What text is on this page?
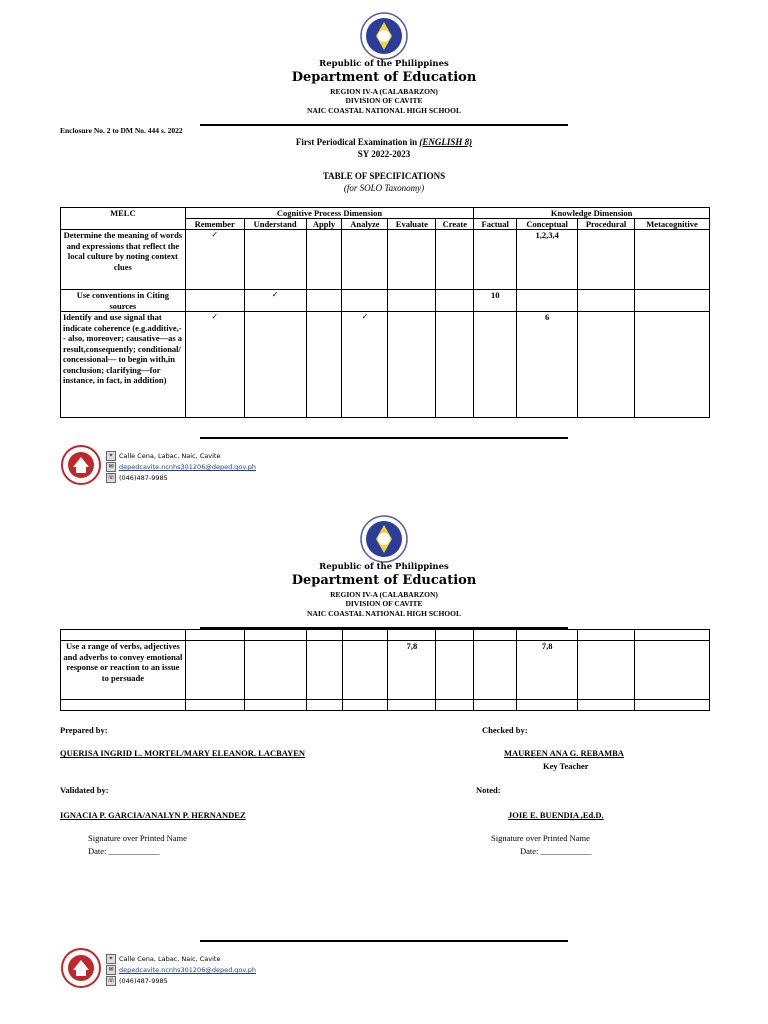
Republic of the Philippines
Department of Education
REGION IV-A (CALABARZON)
DIVISION OF CAVITE
NAIC COASTAL NATIONAL HIGH SCHOOL
Enclosure No. 2 to DM No. 444 s. 2022
First Periodical Examination in (ENGLISH 8)
SY 2022-2023
TABLE OF SPECIFICATIONS
(for SOLO Taxonomy)
MELC	Cognitive Process Dimension						Knowledge Dimension			
	Remember	Understand	Apply	Analyze	Evaluate	Create	Factual	Conceptual	Procedural	Metacognitive
Determine the meaning of words and expressions that reflect the local culture by noting context clues	✓							1,2,3,4		
Use conventions in Citing sources		✓					10			
Identify and use signal that indicate coherence (e.g.additive,-- also, moreover; causative—as a result,consequently; conditional/ concessional— to begin with,in conclusion; clarifying—for instance, in fact, in addition)	✓			✓				6		
⌖ Calle Cena, Labac, Naic, Cavite
✉ depedcavite.ncnhs301206@deped.gov.ph
☏ (046)487-9985
Republic of the Philippines
Department of Education
REGION IV-A (CALABARZON)
DIVISION OF CAVITE
NAIC COASTAL NATIONAL HIGH SCHOOL

Use a range of verbs, adjectives and adverbs to convey emotional response or reaction to an issue to persuade					7,8			7,8		

Prepared by:	Checked by:
QUERISA INGRID L. MORTEL/MARY ELEANOR. LACBAYEN	MAUREEN ANA G. REBAMBA
Key Teacher
Validated by:	Noted:
IGNACIA P. GARCIA/ANALYN P. HERNANDEZ	JOIE E. BUENDIA ,Ed.D.
Signature over Printed Name
Date: ____________
Signature over Printed Name
Date: ____________
⌖ Calle Cena, Labac, Naic, Cavite
✉ depedcavite.ncnhs301206@deped.gov.ph
☏ (046)487-9985
